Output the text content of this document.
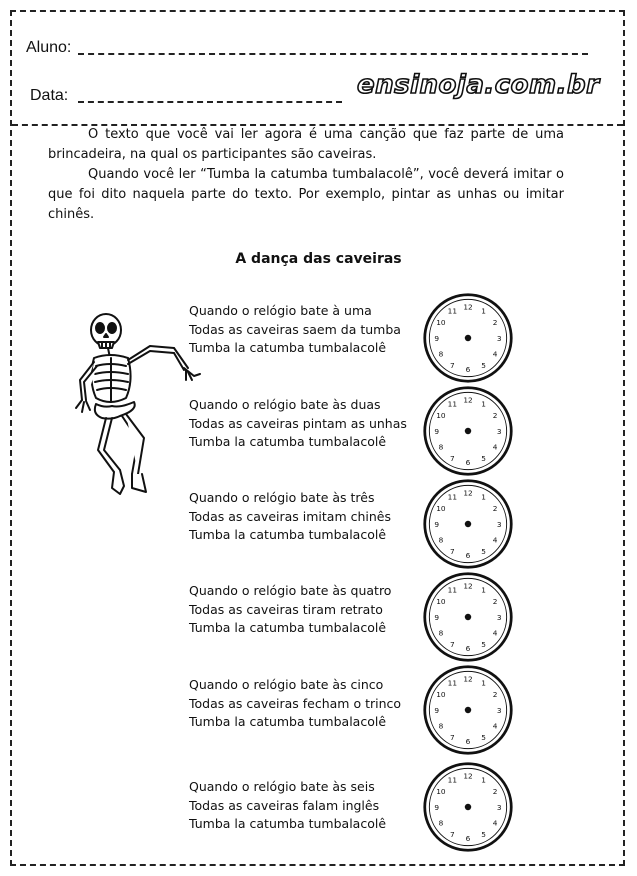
Aluno:
Data:	ensinoja.com.br

O texto que você vai ler agora é uma canção que faz parte de uma brincadeira, na qual os participantes são caveiras.

Quando você ler “Tumba la catumba tumbalacolê”, você deverá imitar o que foi dito naquela parte do texto. Por exemplo, pintar as unhas ou imitar chinês.

A dança das caveiras
Quando o relógio bate à uma
Todas as caveiras saem da tumba
Tumba la catumba tumbalacolê
Quando o relógio bate às duas
Todas as caveiras pintam as unhas
Tumba la catumba tumbalacolê
Quando o relógio bate às três
Todas as caveiras imitam chinês
Tumba la catumba tumbalacolê
Quando o relógio bate às quatro
Todas as caveiras tiram retrato
Tumba la catumba tumbalacolê
Quando o relógio bate às cinco
Todas as caveiras fecham o trinco
Tumba la catumba tumbalacolê
Quando o relógio bate às seis
Todas as caveiras falam inglês
Tumba la catumba tumbalacolê
12 1
2
3
4
5
6
7
8
9
10
11
12 1
2
3
4
5
6
7
8
9
10
11
12 1
2
3
4
5
6
7
8
9
10
11
12 1
2
3
4
5
6
7
8
9
10
11
12 1
2
3
4
5
6
7
8
9
10
11
12 1
2
3
4
5
6
7
8
9
10
11
